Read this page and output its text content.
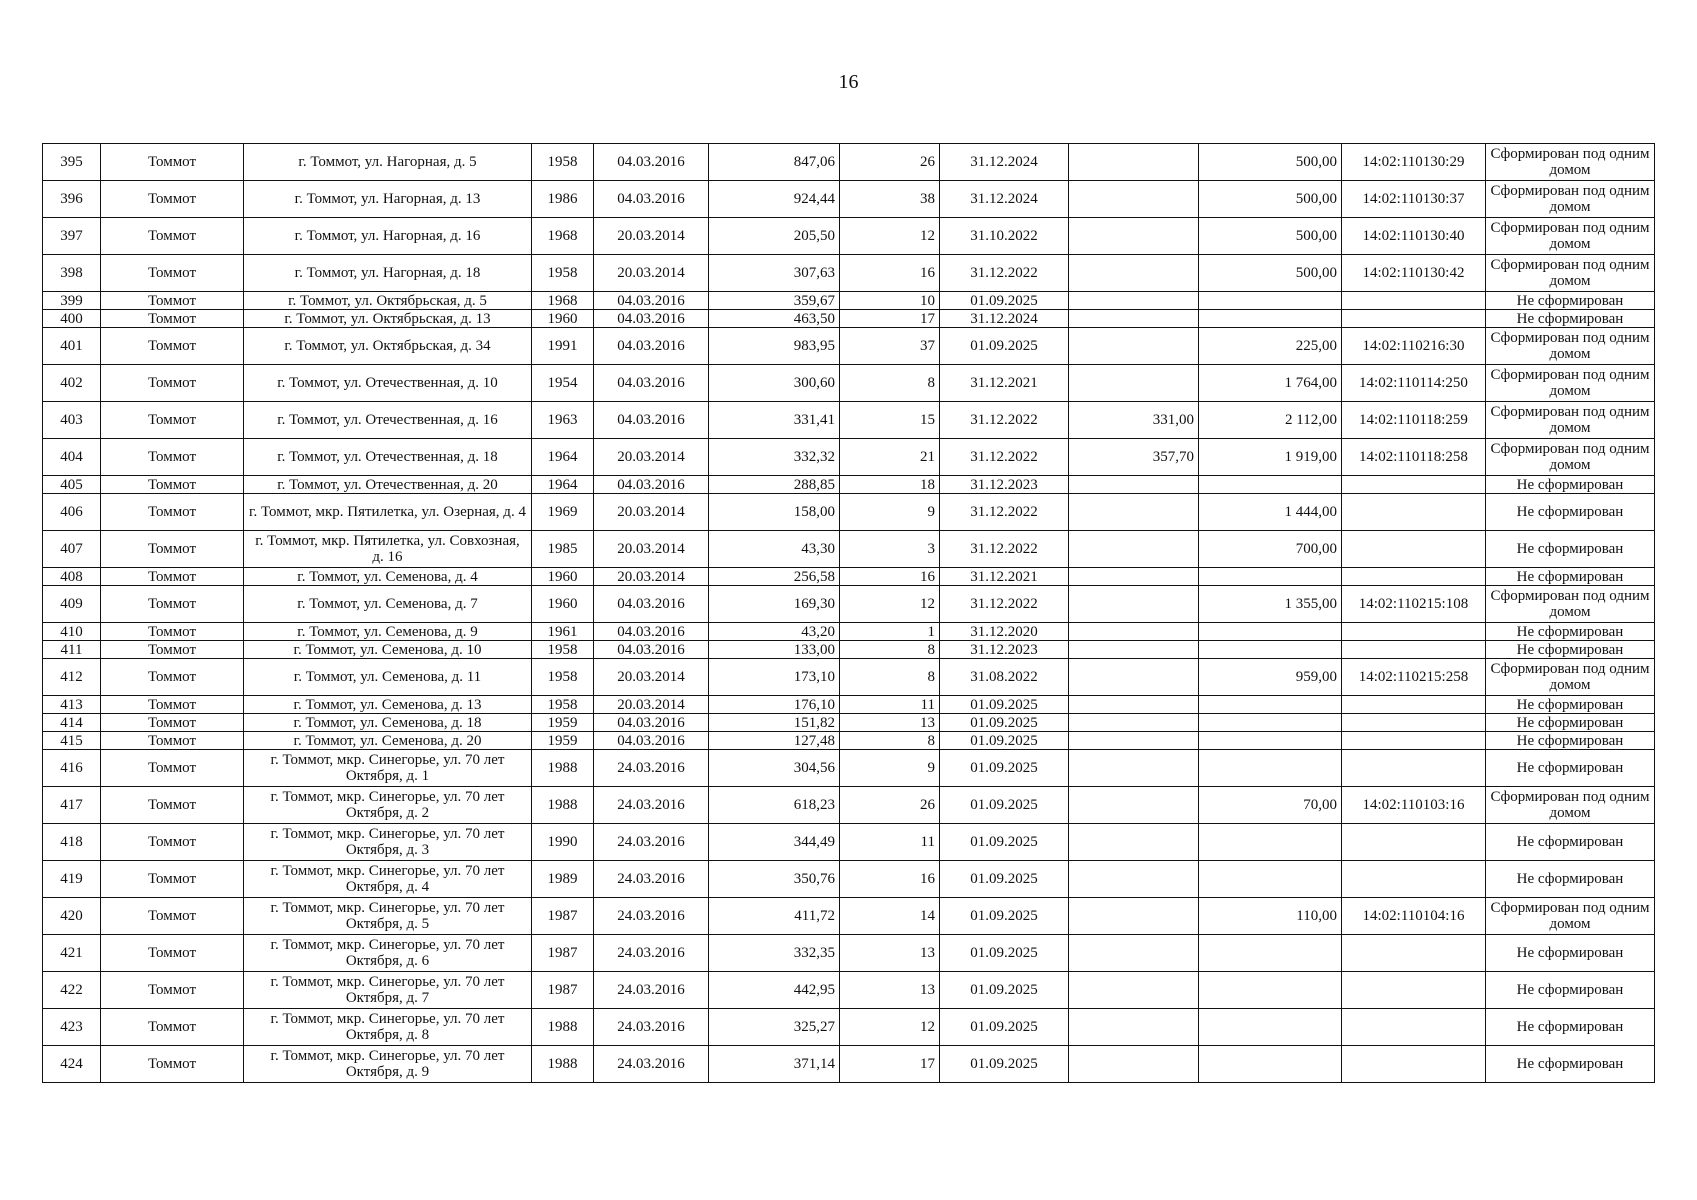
16
395	Томмот	г. Томмот, ул. Нагорная, д. 5	1958	04.03.2016	847,06	26	31.12.2024		500,00	14:02:110130:29	Сформирован под одним домом
396	Томмот	г. Томмот, ул. Нагорная, д. 13	1986	04.03.2016	924,44	38	31.12.2024		500,00	14:02:110130:37	Сформирован под одним домом
397	Томмот	г. Томмот, ул. Нагорная, д. 16	1968	20.03.2014	205,50	12	31.10.2022		500,00	14:02:110130:40	Сформирован под одним домом
398	Томмот	г. Томмот, ул. Нагорная, д. 18	1958	20.03.2014	307,63	16	31.12.2022		500,00	14:02:110130:42	Сформирован под одним домом
399	Томмот	г. Томмот, ул. Октябрьская, д. 5	1968	04.03.2016	359,67	10	01.09.2025				Не сформирован
400	Томмот	г. Томмот, ул. Октябрьская, д. 13	1960	04.03.2016	463,50	17	31.12.2024				Не сформирован
401	Томмот	г. Томмот, ул. Октябрьская, д. 34	1991	04.03.2016	983,95	37	01.09.2025		225,00	14:02:110216:30	Сформирован под одним домом
402	Томмот	г. Томмот, ул. Отечественная, д. 10	1954	04.03.2016	300,60	8	31.12.2021		1 764,00	14:02:110114:250	Сформирован под одним домом
403	Томмот	г. Томмот, ул. Отечественная, д. 16	1963	04.03.2016	331,41	15	31.12.2022	331,00	2 112,00	14:02:110118:259	Сформирован под одним домом
404	Томмот	г. Томмот, ул. Отечественная, д. 18	1964	20.03.2014	332,32	21	31.12.2022	357,70	1 919,00	14:02:110118:258	Сформирован под одним домом
405	Томмот	г. Томмот, ул. Отечественная, д. 20	1964	04.03.2016	288,85	18	31.12.2023				Не сформирован
406	Томмот	г. Томмот, мкр. Пятилетка, ул. Озерная, д. 4	1969	20.03.2014	158,00	9	31.12.2022		1 444,00		Не сформирован
407	Томмот	г. Томмот, мкр. Пятилетка, ул. Совхозная, д. 16	1985	20.03.2014	43,30	3	31.12.2022		700,00		Не сформирован
408	Томмот	г. Томмот, ул. Семенова, д. 4	1960	20.03.2014	256,58	16	31.12.2021				Не сформирован
409	Томмот	г. Томмот, ул. Семенова, д. 7	1960	04.03.2016	169,30	12	31.12.2022		1 355,00	14:02:110215:108	Сформирован под одним домом
410	Томмот	г. Томмот, ул. Семенова, д. 9	1961	04.03.2016	43,20	1	31.12.2020				Не сформирован
411	Томмот	г. Томмот, ул. Семенова, д. 10	1958	04.03.2016	133,00	8	31.12.2023				Не сформирован
412	Томмот	г. Томмот, ул. Семенова, д. 11	1958	20.03.2014	173,10	8	31.08.2022		959,00	14:02:110215:258	Сформирован под одним домом
413	Томмот	г. Томмот, ул. Семенова, д. 13	1958	20.03.2014	176,10	11	01.09.2025				Не сформирован
414	Томмот	г. Томмот, ул. Семенова, д. 18	1959	04.03.2016	151,82	13	01.09.2025				Не сформирован
415	Томмот	г. Томмот, ул. Семенова, д. 20	1959	04.03.2016	127,48	8	01.09.2025				Не сформирован
416	Томмот	г. Томмот, мкр. Синегорье, ул. 70 лет Октября, д. 1	1988	24.03.2016	304,56	9	01.09.2025				Не сформирован
417	Томмот	г. Томмот, мкр. Синегорье, ул. 70 лет Октября, д. 2	1988	24.03.2016	618,23	26	01.09.2025		70,00	14:02:110103:16	Сформирован под одним домом
418	Томмот	г. Томмот, мкр. Синегорье, ул. 70 лет Октября, д. 3	1990	24.03.2016	344,49	11	01.09.2025				Не сформирован
419	Томмот	г. Томмот, мкр. Синегорье, ул. 70 лет Октября, д. 4	1989	24.03.2016	350,76	16	01.09.2025				Не сформирован
420	Томмот	г. Томмот, мкр. Синегорье, ул. 70 лет Октября, д. 5	1987	24.03.2016	411,72	14	01.09.2025		110,00	14:02:110104:16	Сформирован под одним домом
421	Томмот	г. Томмот, мкр. Синегорье, ул. 70 лет Октября, д. 6	1987	24.03.2016	332,35	13	01.09.2025				Не сформирован
422	Томмот	г. Томмот, мкр. Синегорье, ул. 70 лет Октября, д. 7	1987	24.03.2016	442,95	13	01.09.2025				Не сформирован
423	Томмот	г. Томмот, мкр. Синегорье, ул. 70 лет Октября, д. 8	1988	24.03.2016	325,27	12	01.09.2025				Не сформирован
424	Томмот	г. Томмот, мкр. Синегорье, ул. 70 лет Октября, д. 9	1988	24.03.2016	371,14	17	01.09.2025				Не сформирован
